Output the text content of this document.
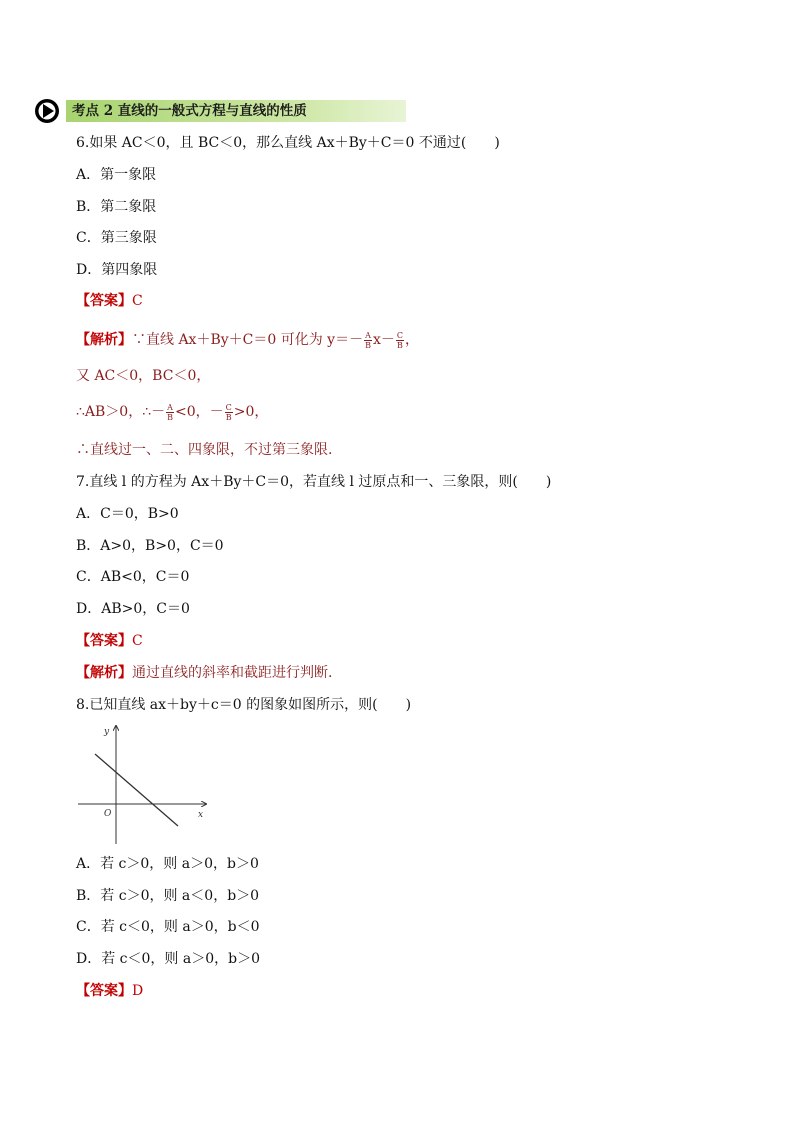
考点 2 直线的一般式方程与直线的性质
6.如果 AC＜0，且 BC＜0，那么直线 Ax＋By＋C＝0 不通过(　　)
A．第一象限
B．第二象限
C．第三象限
D．第四象限
【答案】C
【解析】∵直线 Ax＋By＋C＝0 可化为 $y=- \frac{A}{B} x- \frac{C}{B}$ ，
又 AC＜0，BC＜0，
∴AB＞0，∴－ $\frac{A}{B} <0$，－ $\frac{C}{B} >0$，
∴直线过一、二、四象限，不过第三象限.
7.直线 l 的方程为 Ax＋By＋C＝0，若直线 l 过原点和一、三象限，则(　　)
A．C＝0，B>0
B．A>0，B>0，C＝0
C．AB<0，C＝0
D．AB>0，C＝0
【答案】C
【解析】通过直线的斜率和截距进行判断.
8.已知直线 ax＋by＋c＝0 的图象如图所示，则(　　)
y
x
O
A．若 c＞0，则 a＞0，b＞0
B．若 c＞0，则 a＜0，b＞0
C．若 c＜0，则 a＞0，b＜0
D．若 c＜0，则 a＞0，b＞0
【答案】D
